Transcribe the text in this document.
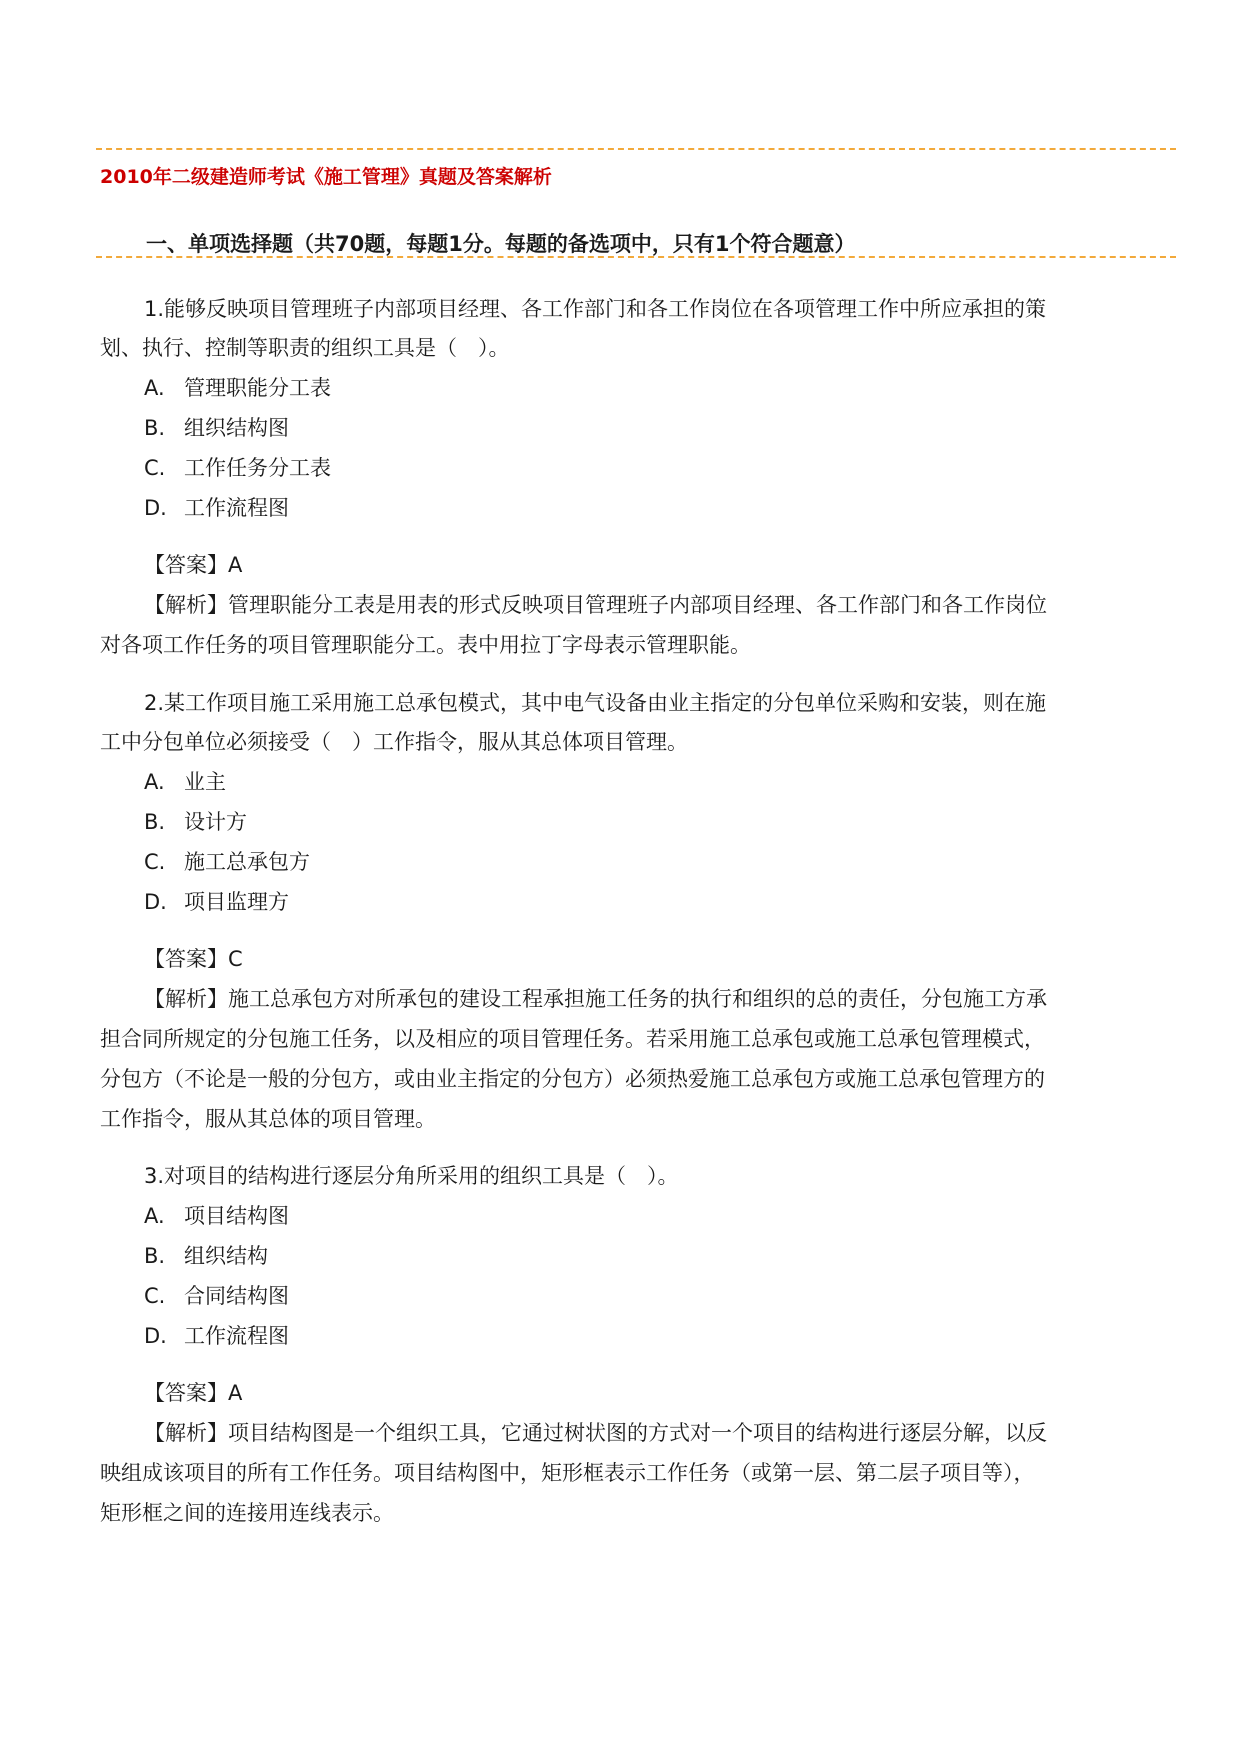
2010年二级建造师考试《施工管理》真题及答案解析
一、单项选择题（共70题，每题1分。每题的备选项中，只有1个符合题意）
1.能够反映项目管理班子内部项目经理、各工作部门和各工作岗位在各项管理工作中所应承担的策
划、执行、控制等职责的组织工具是（　）。
A. 管理职能分工表
B. 组织结构图
C. 工作任务分工表
D. 工作流程图
【答案】A
【解析】管理职能分工表是用表的形式反映项目管理班子内部项目经理、各工作部门和各工作岗位
对各项工作任务的项目管理职能分工。表中用拉丁字母表示管理职能。
2.某工作项目施工采用施工总承包模式，其中电气设备由业主指定的分包单位采购和安装，则在施
工中分包单位必须接受（　）工作指令，服从其总体项目管理。
A. 业主
B. 设计方
C. 施工总承包方
D. 项目监理方
【答案】C
【解析】施工总承包方对所承包的建设工程承担施工任务的执行和组织的总的责任，分包施工方承
担合同所规定的分包施工任务，以及相应的项目管理任务。若采用施工总承包或施工总承包管理模式，
分包方（不论是一般的分包方，或由业主指定的分包方）必须热爱施工总承包方或施工总承包管理方的
工作指令，服从其总体的项目管理。
3.对项目的结构进行逐层分角所采用的组织工具是（　）。
A. 项目结构图
B. 组织结构
C. 合同结构图
D. 工作流程图
【答案】A
【解析】项目结构图是一个组织工具，它通过树状图的方式对一个项目的结构进行逐层分解，以反
映组成该项目的所有工作任务。项目结构图中，矩形框表示工作任务（或第一层、第二层子项目等），
矩形框之间的连接用连线表示。
